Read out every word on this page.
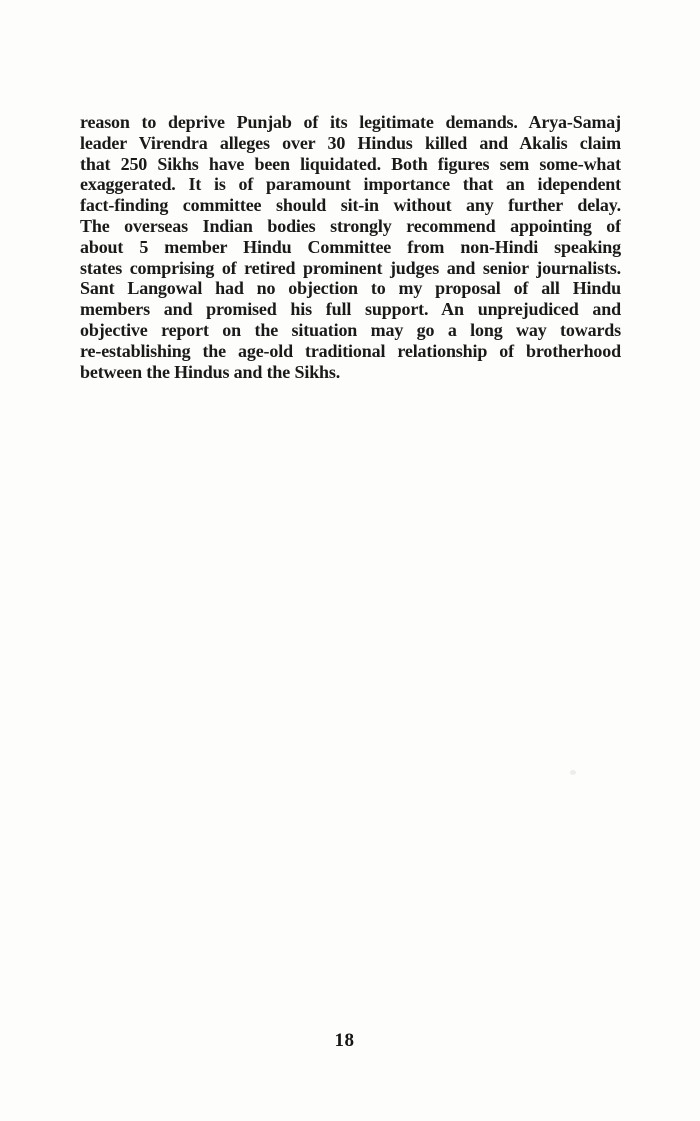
reason to deprive Punjab of its legitimate demands. Arya-Samaj
leader Virendra alleges over 30 Hindus killed and Akalis claim
that 250 Sikhs have been liquidated. Both figures sem some-what
exaggerated. It is of paramount importance that an idependent
fact-finding committee should sit-in without any further delay.
The overseas Indian bodies strongly recommend appointing of
about 5 member Hindu Committee from non-Hindi speaking
states comprising of retired prominent judges and senior journalists.
Sant Langowal had no objection to my proposal of all Hindu
members and promised his full support. An unprejudiced and
objective report on the situation may go a long way towards
re-establishing the age-old traditional relationship of brotherhood
between the Hindus and the Sikhs.
18
